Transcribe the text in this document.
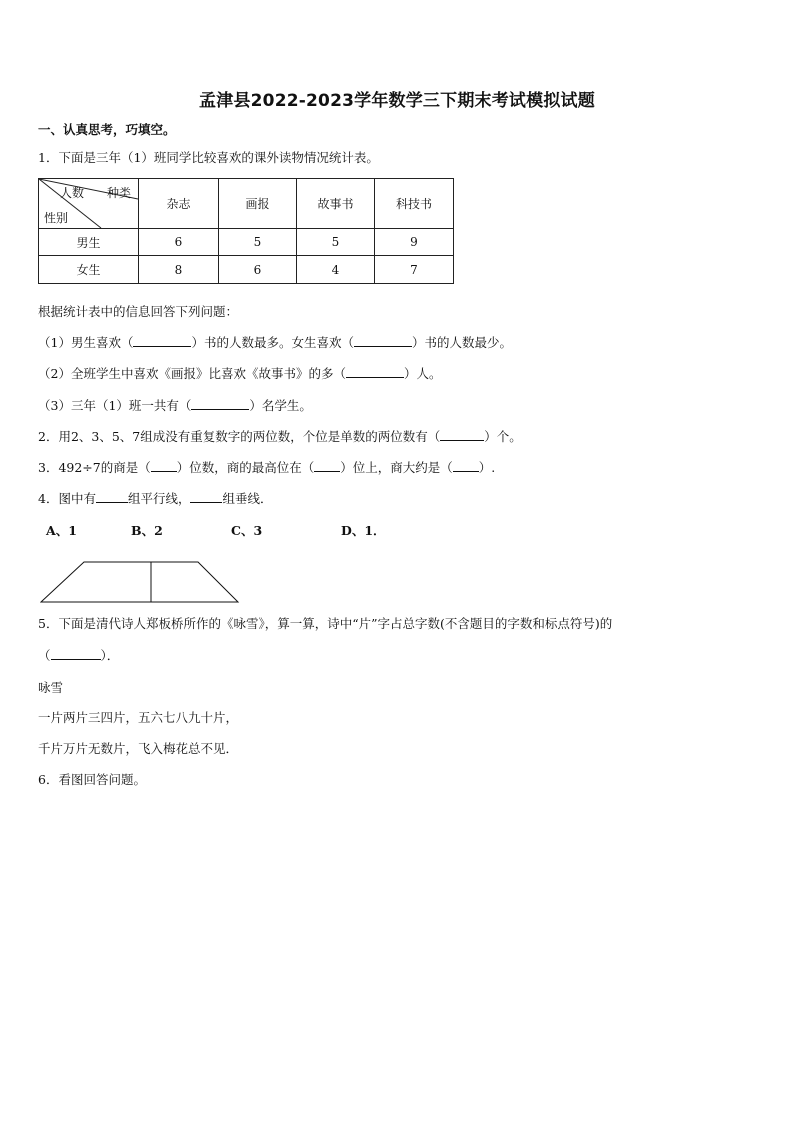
孟津县2022-2023学年数学三下期末考试模拟试题
一、认真思考，巧填空。
1．下面是三年（1）班同学比较喜欢的课外读物情况统计表。
人数 种类
性别	杂志	画报	故事书	科技书
男生	6	5	5	9
女生	8	6	4	7
根据统计表中的信息回答下列问题：
（1）男生喜欢（	）书的人数最多。女生喜欢（	）书的人数最少。
（2）全班学生中喜欢《画报》比喜欢《故事书》的多（	）人。
（3）三年（1）班一共有（	）名学生。
2．用2、3、5、7组成没有重复数字的两位数，个位是单数的两位数有（	）个。
3．492÷7的商是（ ）位数，商的最高位在（ ）位上，商大约是（ ）.
4．图中有	组平行线，	组垂线．
A、1	B、2	C、3	D、1．
5．下面是清代诗人郑板桥所作的《咏雪》，算一算，诗中“片”字占总字数(不含题目的字数和标点符号)的
（	）．
咏雪
一片两片三四片，五六七八九十片，
千片万片无数片，飞入梅花总不见．
6．看图回答问题。
